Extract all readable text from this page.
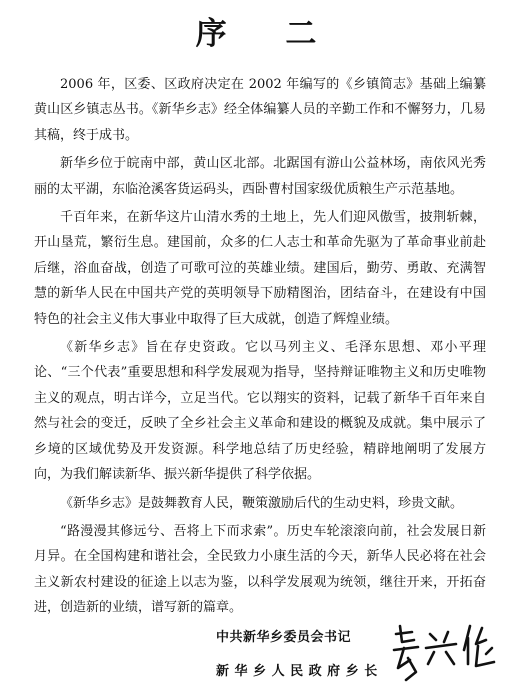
序 二

2006 年，区委、区政府决定在 2002 年编写的《乡镇简志》基础上编纂黄山区乡镇志丛书。《新华乡志》经全体编纂人员的辛勤工作和不懈努力，几易其稿，终于成书。

新华乡位于皖南中部，黄山区北部。北踞国有游山公益林场，南依风光秀丽的太平湖，东临沧溪客货运码头，西卧曹村国家级优质粮生产示范基地。

千百年来，在新华这片山清水秀的土地上，先人们迎风傲雪，披荆斩棘，开山垦荒，繁衍生息。建国前，众多的仁人志士和革命先驱为了革命事业前赴后继，浴血奋战，创造了可歌可泣的英雄业绩。建国后，勤劳、勇敢、充满智慧的新华人民在中国共产党的英明领导下励精图治，团结奋斗，在建设有中国特色的社会主义伟大事业中取得了巨大成就，创造了辉煌业绩。

《新华乡志》旨在存史资政。它以马列主义、毛泽东思想、邓小平理论、“三个代表”重要思想和科学发展观为指导，坚持辩证唯物主义和历史唯物主义的观点，明古详今，立足当代。它以翔实的资料，记载了新华千百年来自然与社会的变迁，反映了全乡社会主义革命和建设的概貌及成就。集中展示了乡境的区域优势及开发资源。科学地总结了历史经验，精辟地阐明了发展方向，为我们解读新华、振兴新华提供了科学依据。

《新华乡志》是鼓舞教育人民，鞭策激励后代的生动史料，珍贵文献。

“路漫漫其修远兮、吾将上下而求索”。历史车轮滚滚向前，社会发展日新月异。在全国构建和谐社会，全民致力小康生活的今天，新华人民必将在社会主义新农村建设的征途上以志为鉴，以科学发展观为统领，继往开来，开拓奋进，创造新的业绩，谱写新的篇章。

中共新华乡委员会书记
新 华 乡 人 民 政 府 乡 长
